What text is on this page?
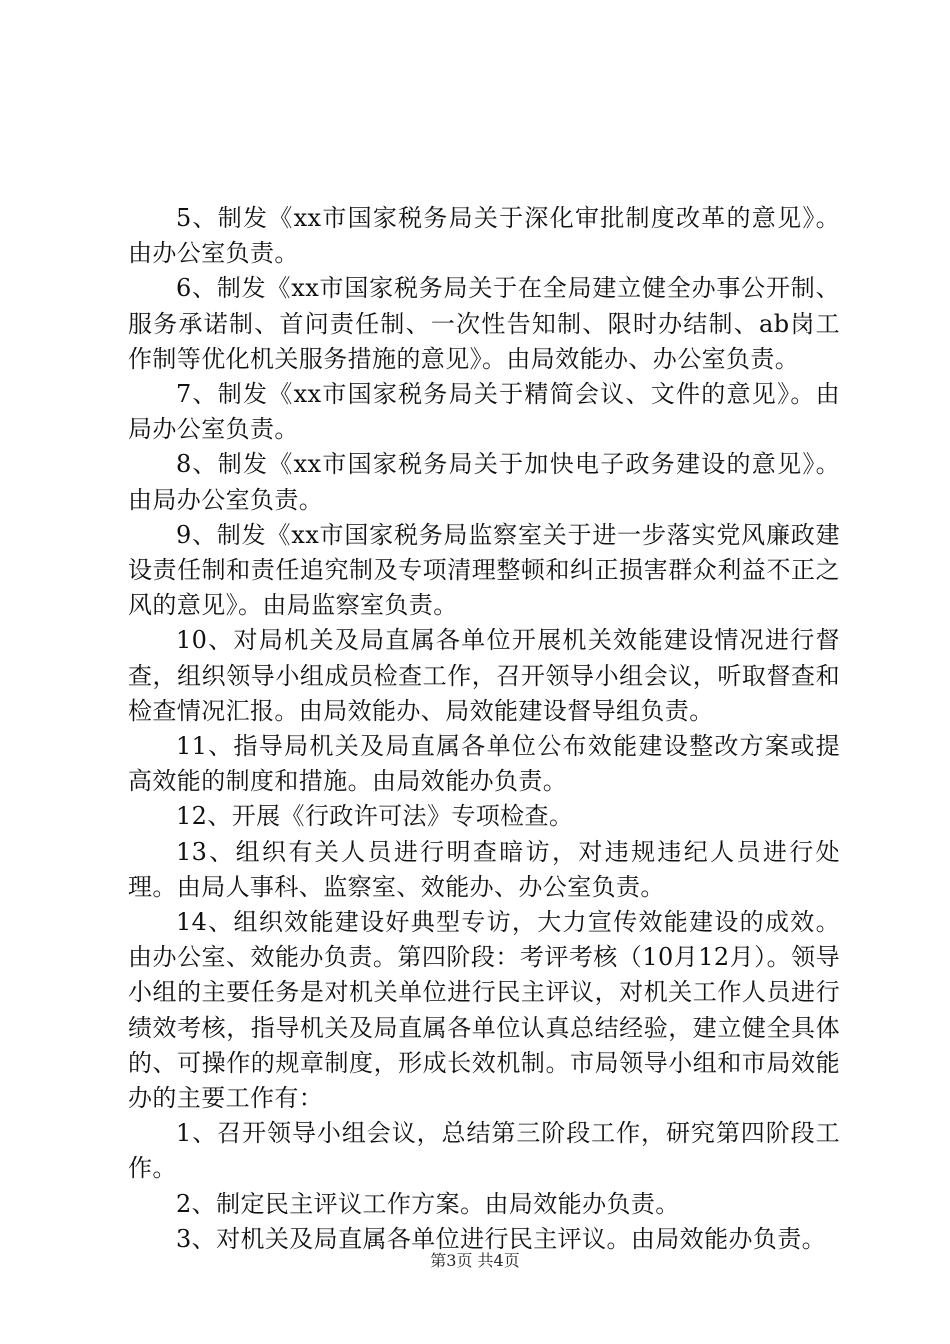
5、制发《xx市国家税务局关于深化审批制度改革的意见》。由办公室负责。

6、制发《xx市国家税务局关于在全局建立健全办事公开制、服务承诺制、首问责任制、一次性告知制、限时办结制、ab岗工作制等优化机关服务措施的意见》。由局效能办、办公室负责。

7、制发《xx市国家税务局关于精简会议、文件的意见》。由局办公室负责。

8、制发《xx市国家税务局关于加快电子政务建设的意见》。由局办公室负责。

9、制发《xx市国家税务局监察室关于进一步落实党风廉政建设责任制和责任追究制及专项清理整顿和纠正损害群众利益不正之风的意见》。由局监察室负责。

10、对局机关及局直属各单位开展机关效能建设情况进行督查，组织领导小组成员检查工作，召开领导小组会议，听取督查和检查情况汇报。由局效能办、局效能建设督导组负责。

11、指导局机关及局直属各单位公布效能建设整改方案或提高效能的制度和措施。由局效能办负责。

12、开展《行政许可法》专项检查。

13、组织有关人员进行明查暗访，对违规违纪人员进行处理。由局人事科、监察室、效能办、办公室负责。

14、组织效能建设好典型专访，大力宣传效能建设的成效。由办公室、效能办负责。第四阶段：考评考核（10月12月）。领导小组的主要任务是对机关单位进行民主评议，对机关工作人员进行绩效考核，指导机关及局直属各单位认真总结经验，建立健全具体的、可操作的规章制度，形成长效机制。市局领导小组和市局效能办的主要工作有：

1、召开领导小组会议，总结第三阶段工作，研究第四阶段工作。

2、制定民主评议工作方案。由局效能办负责。

3、对机关及局直属各单位进行民主评议。由局效能办负责。

第3页 共4页
